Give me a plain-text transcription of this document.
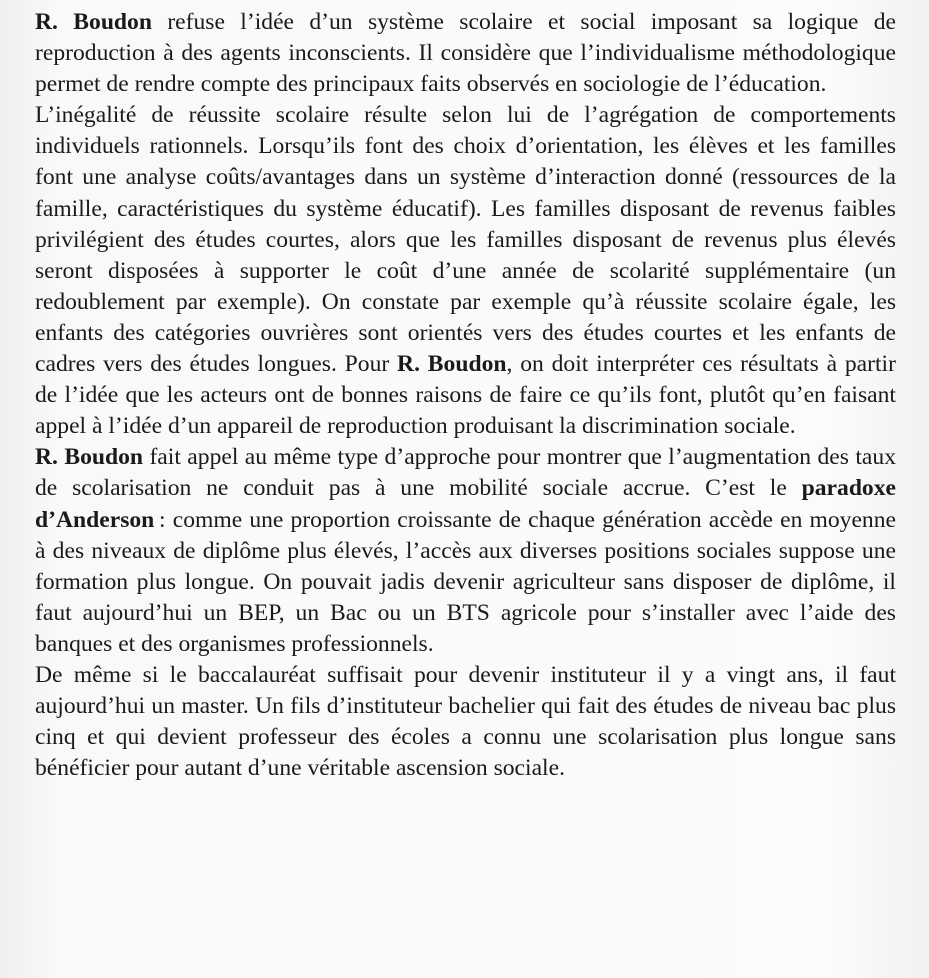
R. Boudon refuse l’idée d’un système scolaire et social imposant sa logique de reproduction à des agents inconscients. Il considère que l’individualisme méthodologique permet de rendre compte des principaux faits observés en sociologie de l’éducation.

L’inégalité de réussite scolaire résulte selon lui de l’agrégation de comportements individuels rationnels. Lorsqu’ils font des choix d’orientation, les élèves et les familles font une analyse coûts/avantages dans un système d’interaction donné (ressources de la famille, caractéristiques du système éducatif). Les familles disposant de revenus faibles privilégient des études courtes, alors que les familles disposant de revenus plus élevés seront disposées à supporter le coût d’une année de scolarité supplémentaire (un redoublement par exemple). On constate par exemple qu’à réussite scolaire égale, les enfants des catégories ouvrières sont orientés vers des études courtes et les enfants de cadres vers des études longues. Pour R. Boudon, on doit interpréter ces résultats à partir de l’idée que les acteurs ont de bonnes raisons de faire ce qu’ils font, plutôt qu’en faisant appel à l’idée d’un appareil de reproduction produisant la discrimination sociale.

R. Boudon fait appel au même type d’approche pour montrer que l’augmentation des taux de scolarisation ne conduit pas à une mobilité sociale accrue. C’est le paradoxe d’Anderson : comme une proportion croissante de chaque génération accède en moyenne à des niveaux de diplôme plus élevés, l’accès aux diverses positions sociales suppose une formation plus longue. On pouvait jadis devenir agriculteur sans disposer de diplôme, il faut aujourd’hui un BEP, un Bac ou un BTS agricole pour s’installer avec l’aide des banques et des organismes professionnels.

De même si le baccalauréat suffisait pour devenir instituteur il y a vingt ans, il faut aujourd’hui un master. Un fils d’instituteur bachelier qui fait des études de niveau bac plus cinq et qui devient professeur des écoles a connu une scolarisation plus longue sans bénéficier pour autant d’une véritable ascension sociale.
